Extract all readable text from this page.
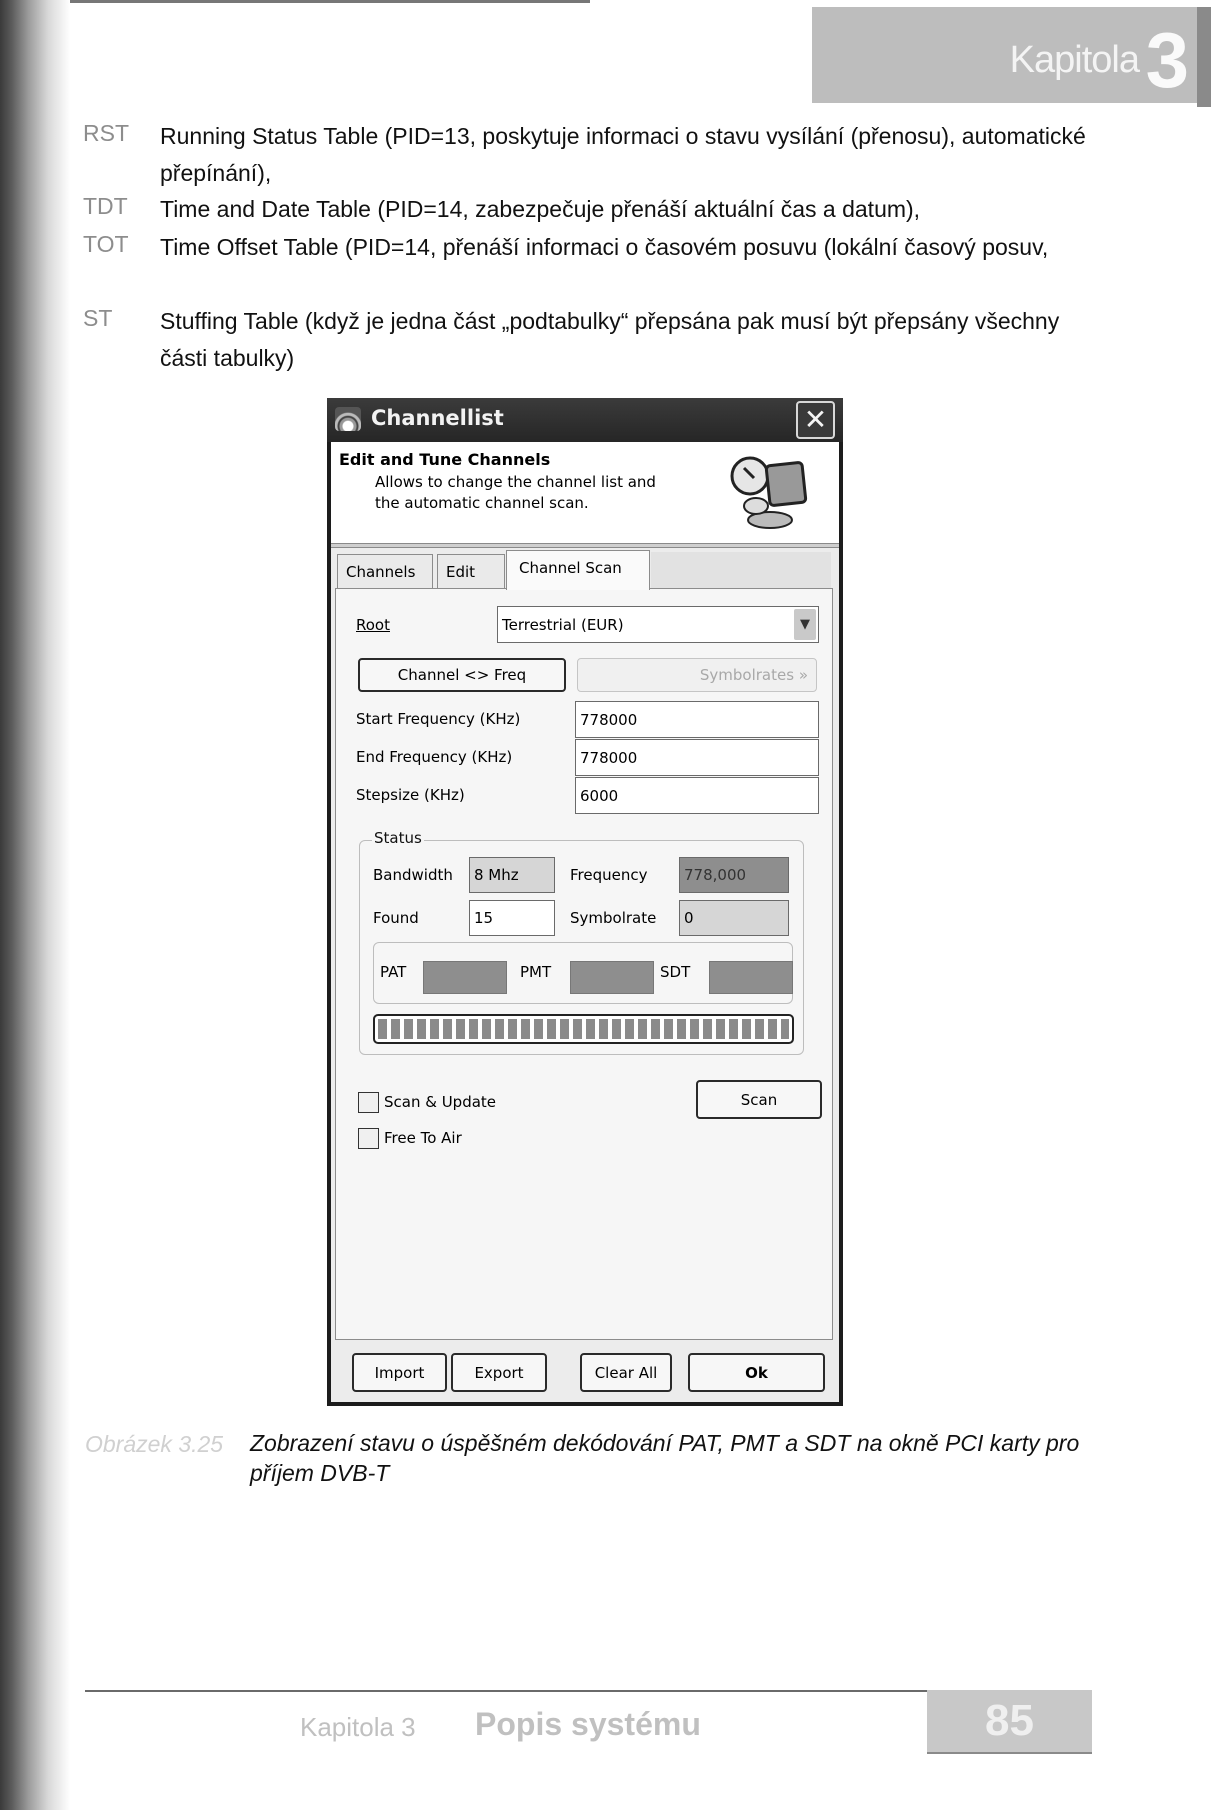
Kapitola 3
RST	Running Status Table (PID=13, poskytuje informaci o stavu vysílání (přenosu), automatické přepínání),
TDT	Time and Date Table (PID=14, zabezpečuje přenáší aktuální čas a datum),
TOT	Time Offset Table (PID=14, přenáší informaci o časovém posuvu (lokální časový posuv,
ST	Stuffing Table (když je jedna část „podtabulky“ přepsána pak musí být přepsány všechny části tabulky)
Channellist	✕
Edit and Tune Channels
Allows to change the channel list and the automatic channel scan.
Channels	Edit	Channel Scan
Root	Terrestrial (EUR)	▼
Channel <> Freq	Symbolrates »
Start Frequency (KHz)	778000
End Frequency (KHz)	778000
Stepsize (KHz)	6000
Status
Bandwidth	8 Mhz	Frequency	778,000
Found	15	Symbolrate	0
PAT	PMT	SDT
Scan & Update
Free To Air
Scan
Import	Export	Clear All	Ok
Obrázek 3.25 Zobrazení stavu o úspěšném dekódování PAT, PMT a SDT na okně PCI karty pro příjem DVB-T
85
Kapitola 3 Popis systému
